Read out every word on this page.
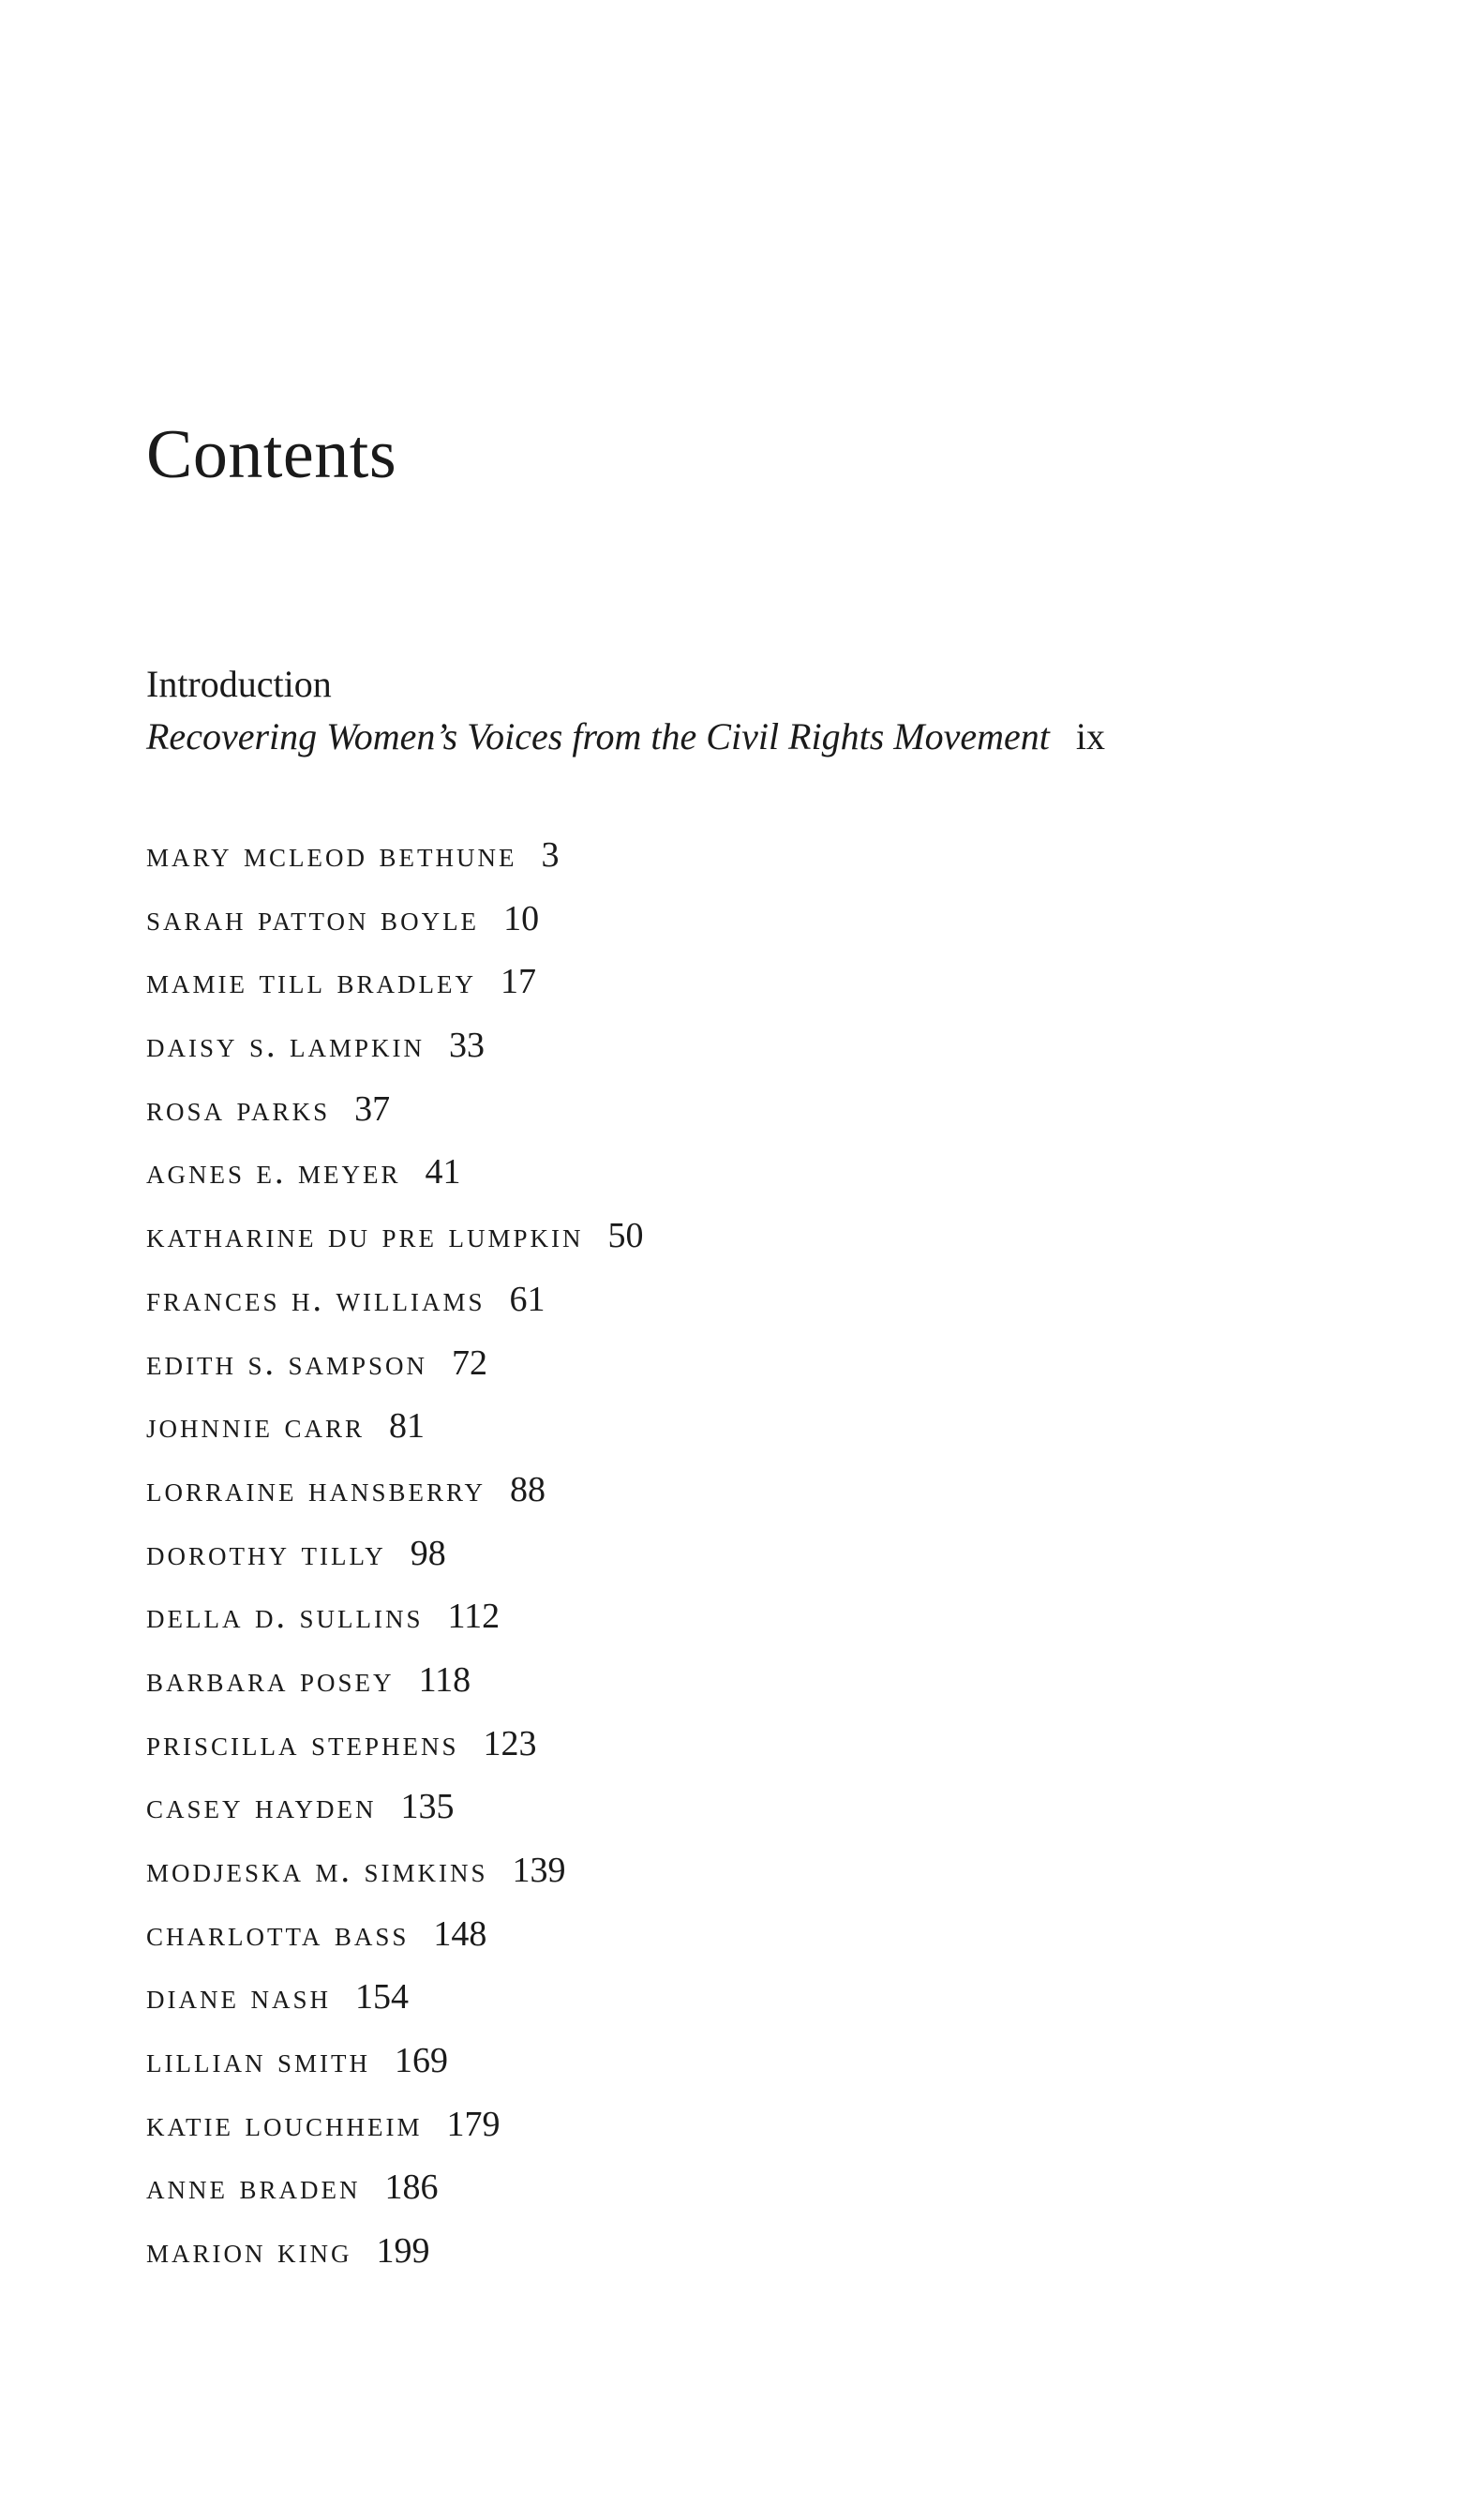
Contents
Introduction
Recovering Women’s Voices from the Civil Rights Movement ix
mary mcleod bethune 3
sarah patton boyle 10
mamie till bradley 17
daisy s. lampkin 33
rosa parks 37
agnes e. meyer 41
katharine du pre lumpkin 50
frances h. williams 61
edith s. sampson 72
johnnie carr 81
lorraine hansberry 88
dorothy tilly 98
della d. sullins 112
barbara posey 118
priscilla stephens 123
casey hayden 135
modjeska m. simkins 139
charlotta bass 148
diane nash 154
lillian smith 169
katie louchheim 179
anne braden 186
marion king 199
